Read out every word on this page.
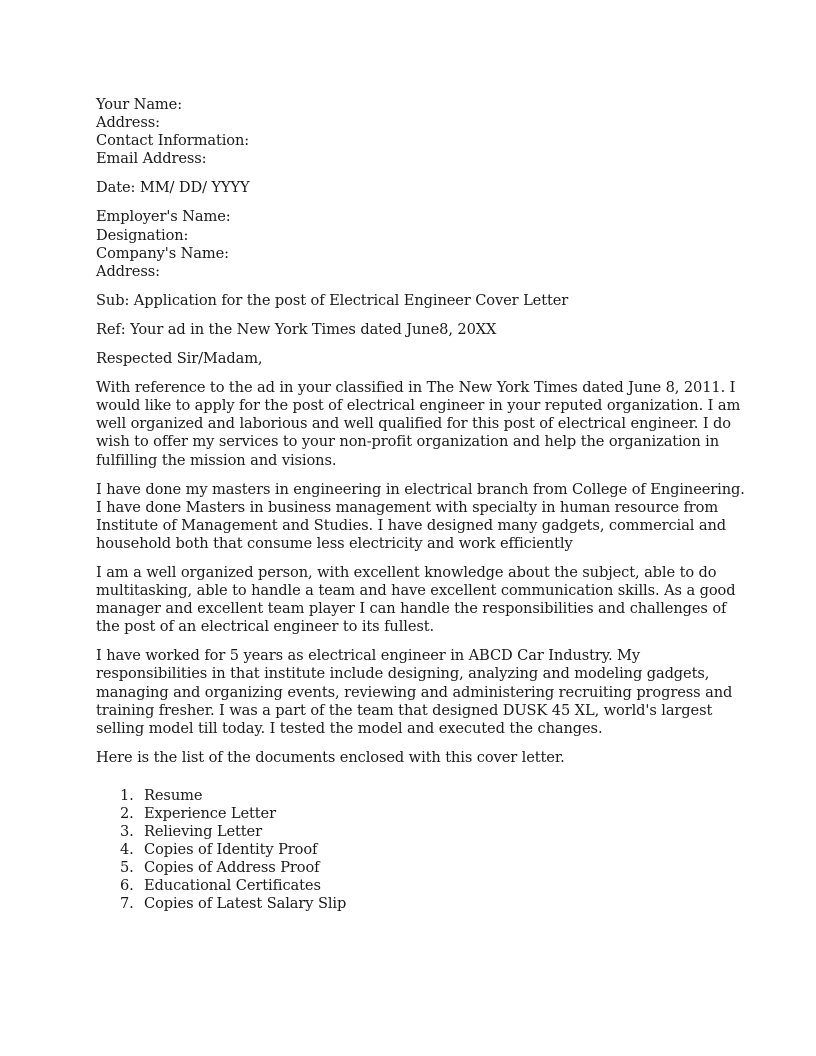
Your Name:
Address:
Contact Information:
Email Address:

Date: MM/ DD/ YYYY

Employer's Name:
Designation:
Company's Name:
Address:

Sub: Application for the post of Electrical Engineer Cover Letter

Ref: Your ad in the New York Times dated June8, 20XX

Respected Sir/Madam,

With reference to the ad in your classified in The New York Times dated June 8, 2011. I
would like to apply for the post of electrical engineer in your reputed organization. I am
well organized and laborious and well qualified for this post of electrical engineer. I do
wish to offer my services to your non-profit organization and help the organization in
fulfilling the mission and visions.
I have done my masters in engineering in electrical branch from College of Engineering.
I have done Masters in business management with specialty in human resource from
Institute of Management and Studies. I have designed many gadgets, commercial and
household both that consume less electricity and work efficiently
I am a well organized person, with excellent knowledge about the subject, able to do
multitasking, able to handle a team and have excellent communication skills. As a good
manager and excellent team player I can handle the responsibilities and challenges of
the post of an electrical engineer to its fullest.
I have worked for 5 years as electrical engineer in ABCD Car Industry. My
responsibilities in that institute include designing, analyzing and modeling gadgets,
managing and organizing events, reviewing and administering recruiting progress and
training fresher. I was a part of the team that designed DUSK 45 XL, world's largest
selling model till today. I tested the model and executed the changes.

Here is the list of the documents enclosed with this cover letter.

1. Resume
2. Experience Letter
3. Relieving Letter
4. Copies of Identity Proof
5. Copies of Address Proof
6. Educational Certificates
7. Copies of Latest Salary Slip
